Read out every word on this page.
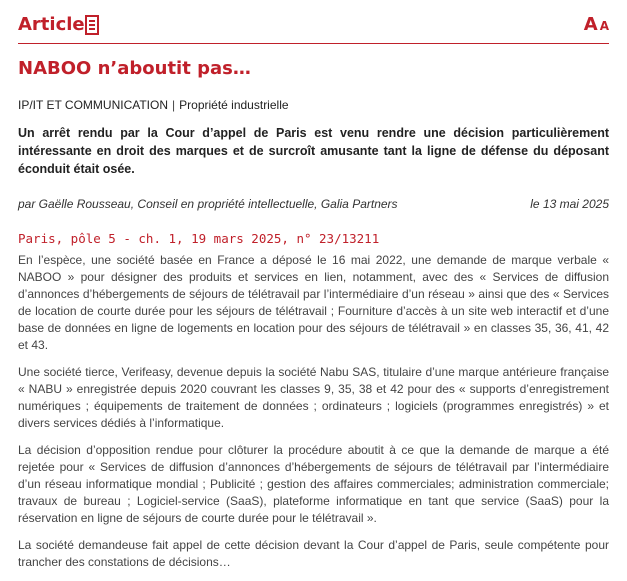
Article	A A
NABOO n’aboutit pas…
IP/IT ET COMMUNICATION | Propriété industrielle
Un arrêt rendu par la Cour d’appel de Paris est venu rendre une décision particulièrement intéressante en droit des marques et de surcroît amusante tant la ligne de défense du déposant éconduit était osée.
par Gaëlle Rousseau, Conseil en propriété intellectuelle, Galia Partners	le 13 mai 2025
Paris, pôle 5 - ch. 1, 19 mars 2025, n° 23/13211

En l’espèce, une société basée en France a déposé le 16 mai 2022, une demande de marque verbale « NABOO » pour désigner des produits et services en lien, notamment, avec des « Services de diffusion d’annonces d’hébergements de séjours de télétravail par l’intermédiaire d’un réseau » ainsi que des « Services de location de courte durée pour les séjours de télétravail ; Fourniture d’accès à un site web interactif et d’une base de données en ligne de logements en location pour des séjours de télétravail » en classes 35, 36, 41, 42 et 43.

Une société tierce, Verifeasy, devenue depuis la société Nabu SAS, titulaire d’une marque antérieure française « NABU » enregistrée depuis 2020 couvrant les classes 9, 35, 38 et 42 pour des « supports d’enregistrement numériques ; équipements de traitement de données ; ordinateurs ; logiciels (programmes enregistrés) » et divers services dédiés à l’informatique.

La décision d’opposition rendue pour clôturer la procédure aboutit à ce que la demande de marque a été rejetée pour « Services de diffusion d’annonces d’hébergements de séjours de télétravail par l’intermédiaire d’un réseau informatique mondial ; Publicité ; gestion des affaires commerciales; administration commerciale; travaux de bureau ; Logiciel-service (SaaS), plateforme informatique en tant que service (SaaS) pour la réservation en ligne de séjours de courte durée pour le télétravail ».

La société demandeuse fait appel de cette décision devant la Cour d’appel de Paris, seule compétente pour trancher des constations de décisions…
